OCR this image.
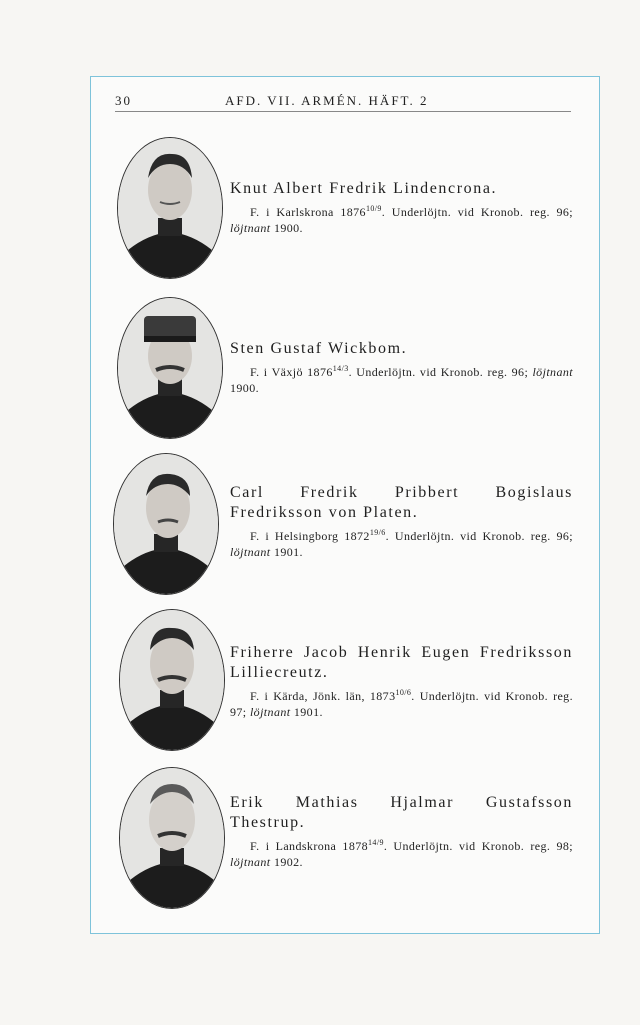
30	AFD. VII. ARMÉN. HÄFT. 2
Knut Albert Fredrik Lindencrona.
F. i Karlskrona $1876^{10/9}$. Underlöjtn. vid Kronob. reg. 96; löjtnant 1900.
Sten Gustaf Wickbom.
F. i Växjö $1876^{14/3}$. Underlöjtn. vid Kronob. reg. 96; löjtnant 1900.
Carl Fredrik Pribbert Bogislaus Fredriksson von Platen.
F. i Helsingborg $1872^{19/6}$. Underlöjtn. vid Kronob. reg. 96; löjtnant 1901.
Friherre Jacob Henrik Eugen Fredriksson Lilliecreutz.
F. i Kärda, Jönk. län, $1873^{10/6}$. Underlöjtn. vid Kronob. reg. 97; löjtnant 1901.
Erik Mathias Hjalmar Gustafsson Thestrup.
F. i Landskrona $1878^{14/9}$. Underlöjtn. vid Kronob. reg. 98; löjtnant 1902.
